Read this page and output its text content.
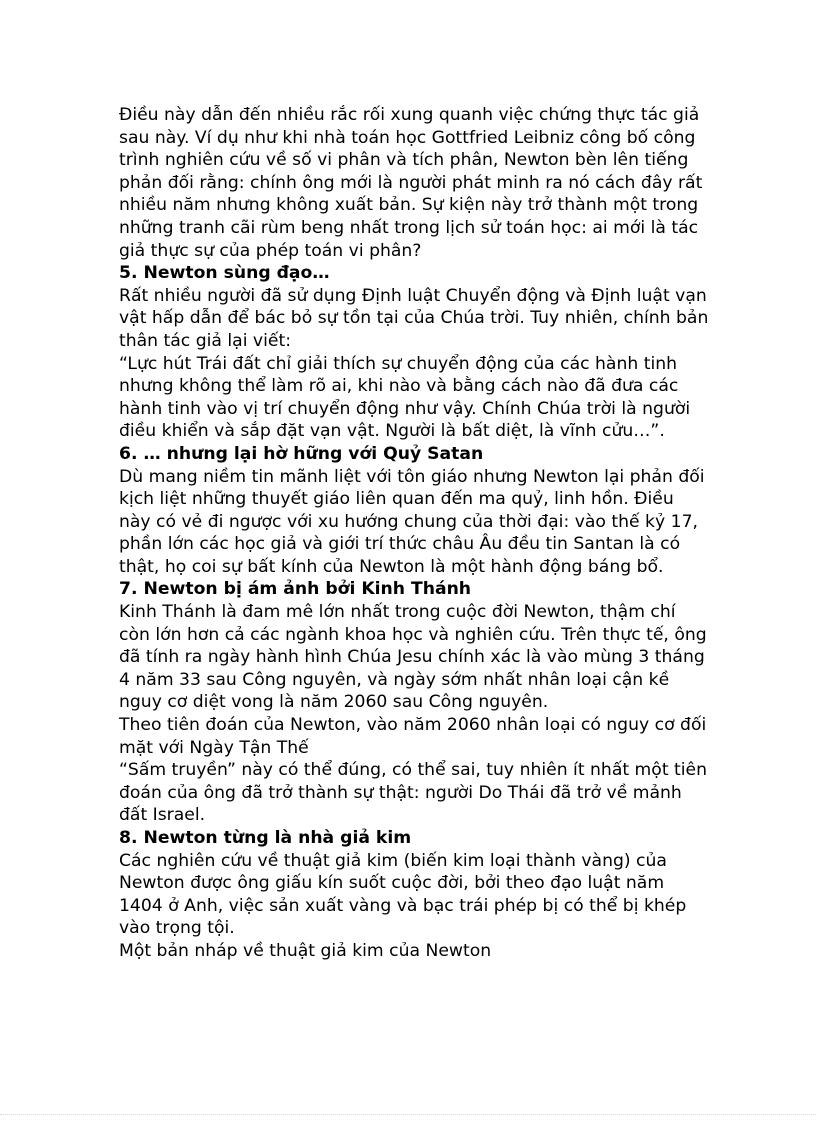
Điều này dẫn đến nhiều rắc rối xung quanh việc chứng thực tác giả sau này. Ví dụ như khi nhà toán học Gottfried Leibniz công bố công trình nghiên cứu về số vi phân và tích phân, Newton bèn lên tiếng phản đối rằng: chính ông mới là người phát minh ra nó cách đây rất nhiều năm nhưng không xuất bản. Sự kiện này trở thành một trong những tranh cãi rùm beng nhất trong lịch sử toán học: ai mới là tác giả thực sự của phép toán vi phân?

5. Newton sùng đạo…

Rất nhiều người đã sử dụng Định luật Chuyển động và Định luật vạn vật hấp dẫn để bác bỏ sự tồn tại của Chúa trời. Tuy nhiên, chính bản thân tác giả lại viết:

“Lực hút Trái đất chỉ giải thích sự chuyển động của các hành tinh nhưng không thể làm rõ ai, khi nào và bằng cách nào đã đưa các hành tinh vào vị trí chuyển động như vậy. Chính Chúa trời là người điều khiển và sắp đặt vạn vật. Người là bất diệt, là vĩnh cửu…”.

6. … nhưng lại hờ hững với Quỷ Satan

Dù mang niềm tin mãnh liệt với tôn giáo nhưng Newton lại phản đối kịch liệt những thuyết giáo liên quan đến ma quỷ, linh hồn. Điều này có vẻ đi ngược với xu hướng chung của thời đại: vào thế kỷ 17, phần lớn các học giả và giới trí thức châu Âu đều tin Santan là có thật, họ coi sự bất kính của Newton là một hành động báng bổ.

7. Newton bị ám ảnh bởi Kinh Thánh

Kinh Thánh là đam mê lớn nhất trong cuộc đời Newton, thậm chí còn lớn hơn cả các ngành khoa học và nghiên cứu. Trên thực tế, ông đã tính ra ngày hành hình Chúa Jesu chính xác là vào mùng 3 tháng 4 năm 33 sau Công nguyên, và ngày sớm nhất nhân loại cận kề nguy cơ diệt vong là năm 2060 sau Công nguyên.

Theo tiên đoán của Newton, vào năm 2060 nhân loại có nguy cơ đối mặt với Ngày Tận Thế

“Sấm truyền” này có thể đúng, có thể sai, tuy nhiên ít nhất một tiên đoán của ông đã trở thành sự thật: người Do Thái đã trở về mảnh đất Israel.

8. Newton từng là nhà giả kim

Các nghiên cứu về thuật giả kim (biến kim loại thành vàng) của Newton được ông giấu kín suốt cuộc đời, bởi theo đạo luật năm 1404 ở Anh, việc sản xuất vàng và bạc trái phép bị có thể bị khép vào trọng tội.

Một bản nháp về thuật giả kim của Newton
